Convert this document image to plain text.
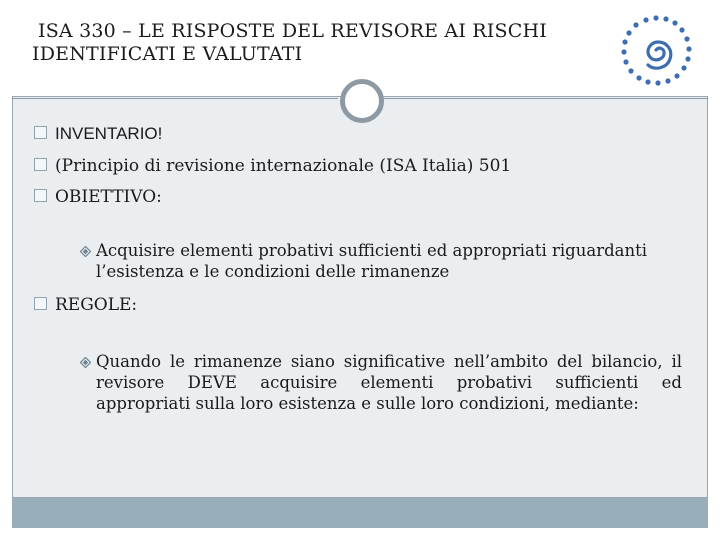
ISA 330 – LE RISPOSTE DEL REVISORE AI RISCHI
IDENTIFICATI E VALUTATI
INVENTARIO!
(Principio di revisione internazionale (ISA Italia) 501
OBIETTIVO:
Acquisire elementi probativi sufficienti ed appropriati riguardanti
l’esistenza e le condizioni delle rimanenze
REGOLE:
Quando le rimanenze siano significative nell’ambito del bilancio, il
revisore DEVE acquisire elementi probativi sufficienti ed
appropriati sulla loro esistenza e sulle loro condizioni, mediante:
